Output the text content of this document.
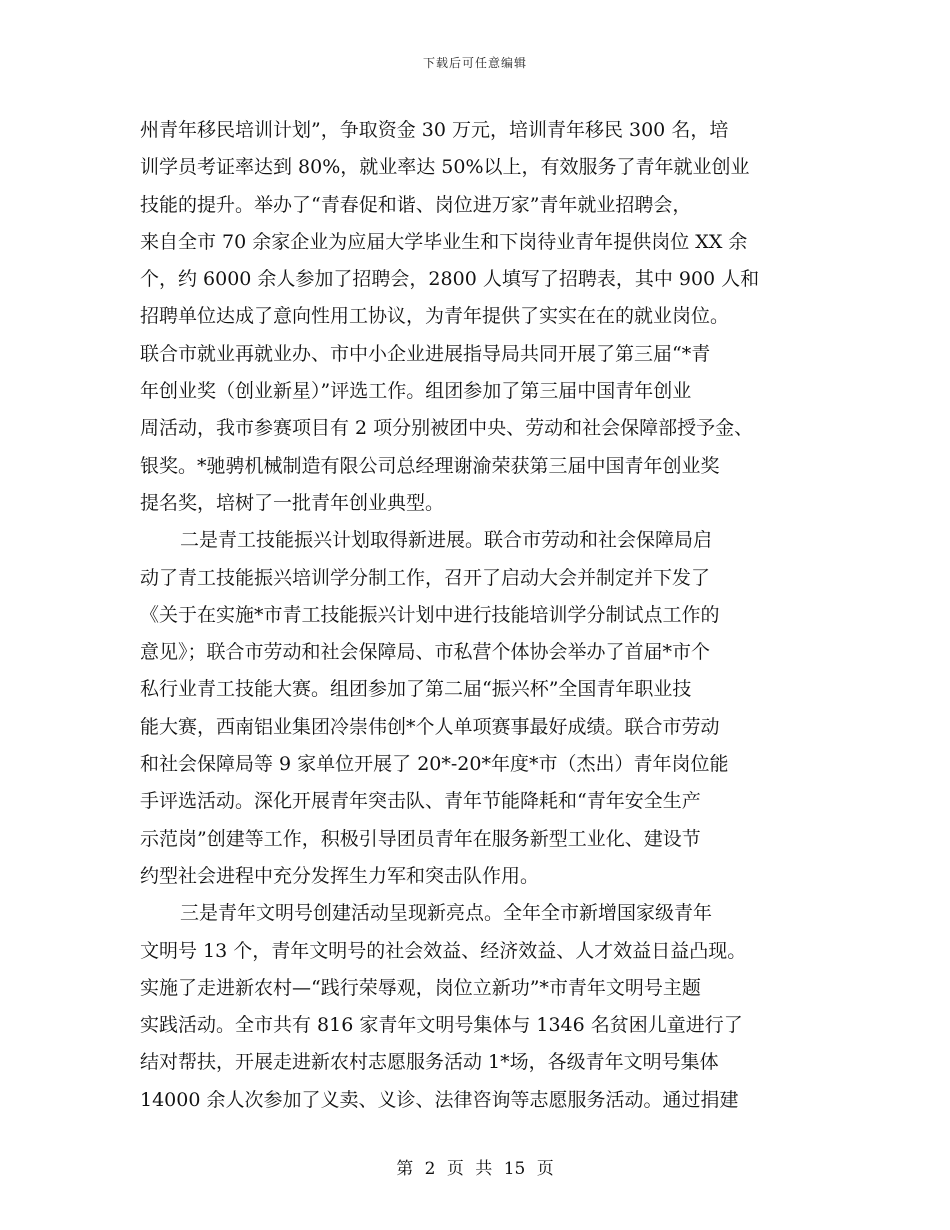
下载后可任意编辑
州青年移民培训计划”，争取资金 30 万元，培训青年移民 300 名，培
训学员考证率达到 80%，就业率达 50%以上，有效服务了青年就业创业
技能的提升。举办了“青春促和谐、岗位进万家”青年就业招聘会，
来自全市 70 余家企业为应届大学毕业生和下岗待业青年提供岗位 XX 余
个，约 6000 余人参加了招聘会，2800 人填写了招聘表，其中 900 人和
招聘单位达成了意向性用工协议，为青年提供了实实在在的就业岗位。
联合市就业再就业办、市中小企业进展指导局共同开展了第三届“*青
年创业奖（创业新星）”评选工作。组团参加了第三届中国青年创业
周活动，我市参赛项目有 2 项分别被团中央、劳动和社会保障部授予金、
银奖。*驰骋机械制造有限公司总经理谢渝荣获第三届中国青年创业奖
提名奖，培树了一批青年创业典型。
二是青工技能振兴计划取得新进展。联合市劳动和社会保障局启
动了青工技能振兴培训学分制工作，召开了启动大会并制定并下发了
《关于在实施*市青工技能振兴计划中进行技能培训学分制试点工作的
意见》；联合市劳动和社会保障局、市私营个体协会举办了首届*市个
私行业青工技能大赛。组团参加了第二届“振兴杯”全国青年职业技
能大赛，西南铝业集团冷崇伟创*个人单项赛事最好成绩。联合市劳动
和社会保障局等 9 家单位开展了 20*-20*年度*市（杰出）青年岗位能
手评选活动。深化开展青年突击队、青年节能降耗和“青年安全生产
示范岗”创建等工作，积极引导团员青年在服务新型工业化、建设节
约型社会进程中充分发挥生力军和突击队作用。
三是青年文明号创建活动呈现新亮点。全年全市新增国家级青年
文明号 13 个，青年文明号的社会效益、经济效益、人才效益日益凸现。
实施了走进新农村—“践行荣辱观，岗位立新功”*市青年文明号主题
实践活动。全市共有 816 家青年文明号集体与 1346 名贫困儿童进行了
结对帮扶，开展走进新农村志愿服务活动 1*场，各级青年文明号集体
14000 余人次参加了义卖、义诊、法律咨询等志愿服务活动。通过捐建
第 2 页 共 15 页
